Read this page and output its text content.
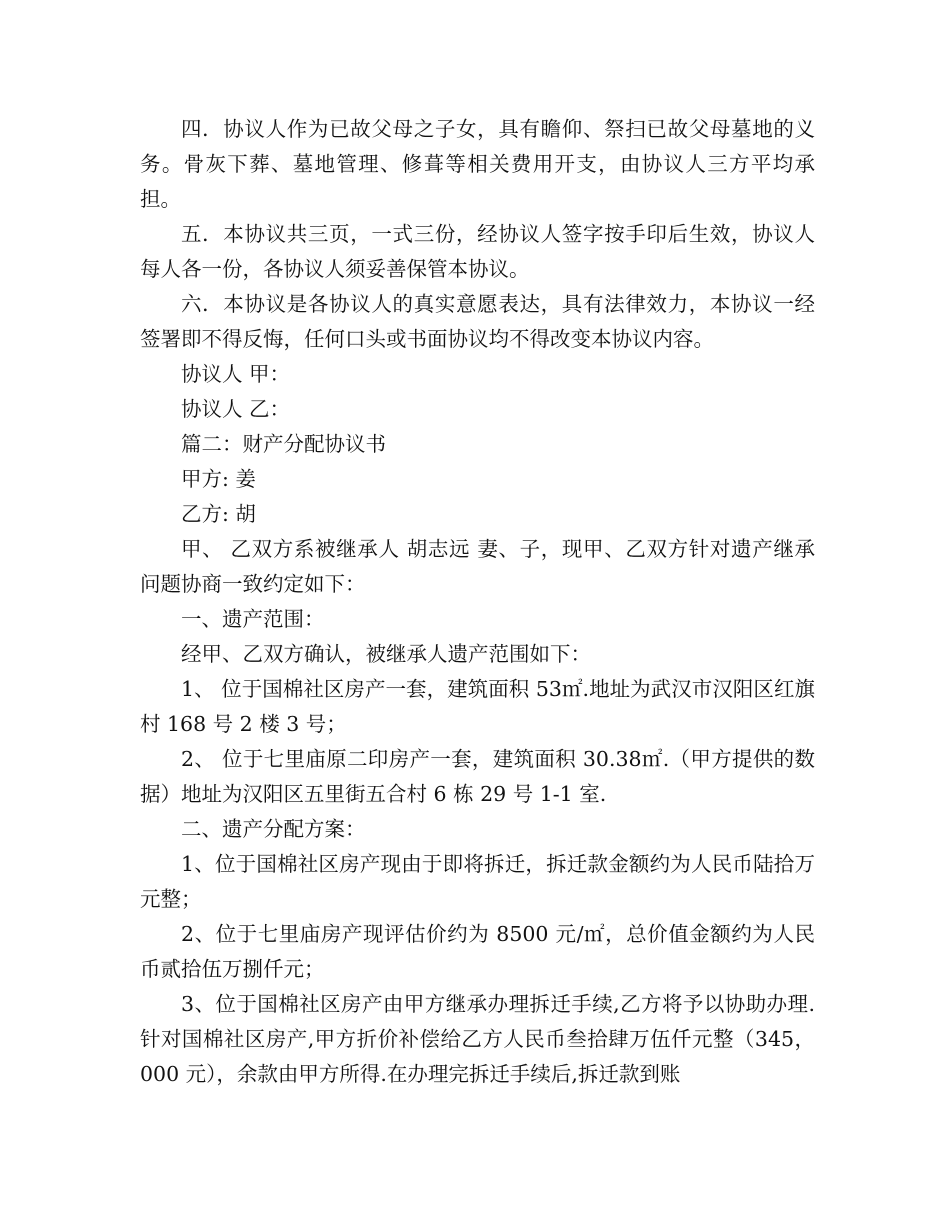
四．协议人作为已故父母之子女，具有瞻仰、祭扫已故父母墓地的义务。骨灰下葬、墓地管理、修葺等相关费用开支，由协议人三方平均承担。

五．本协议共三页，一式三份，经协议人签字按手印后生效，协议人每人各一份，各协议人须妥善保管本协议。

六．本协议是各协议人的真实意愿表达，具有法律效力，本协议一经签署即不得反悔，任何口头或书面协议均不得改变本协议内容。

协议人 甲：

协议人 乙：

篇二：财产分配协议书

甲方: 姜

乙方: 胡

甲、 乙双方系被继承人 胡志远 妻、子，现甲、乙双方针对遗产继承问题协商一致约定如下：

一、遗产范围：

经甲、乙双方确认，被继承人遗产范围如下：

1、 位于国棉社区房产一套，建筑面积 53㎡.地址为武汉市汉阳区红旗村 168 号 2 楼 3 号；

2、 位于七里庙原二印房产一套，建筑面积 30.38㎡.（甲方提供的数据）地址为汉阳区五里街五合村 6 栋 29 号 1-1 室.

二、遗产分配方案：

1、位于国棉社区房产现由于即将拆迁，拆迁款金额约为人民币陆拾万元整；

2、位于七里庙房产现评估价约为 8500 元/㎡，总价值金额约为人民币贰拾伍万捌仟元；

3、位于国棉社区房产由甲方继承办理拆迁手续,乙方将予以协助办理.针对国棉社区房产,甲方折价补偿给乙方人民币叁拾肆万伍仟元整（345，000 元），余款由甲方所得.在办理完拆迁手续后,拆迁款到账
